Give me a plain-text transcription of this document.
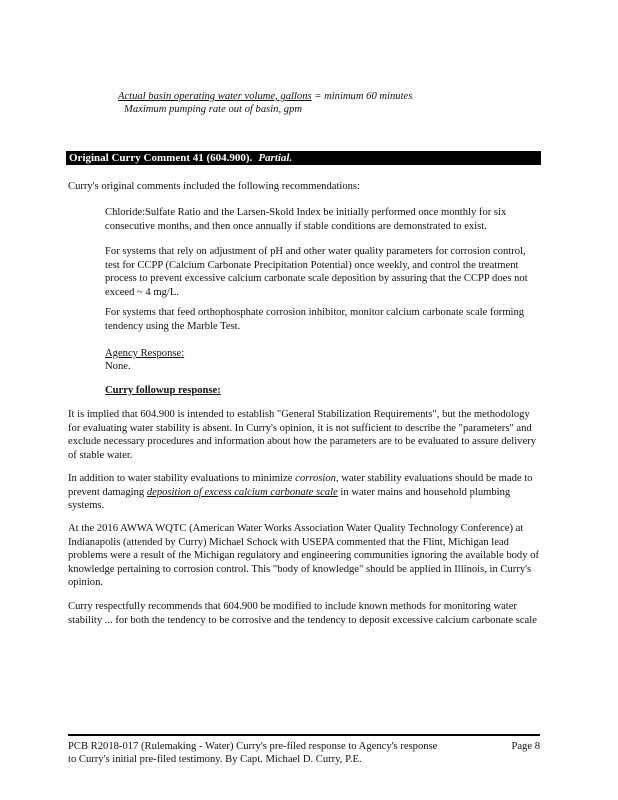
Actual basin operating water volume, gallons = minimum 60 minutes
Maximum pumping rate out of basin, gpm
Original Curry Comment 41 (604.900). Partial.
Curry's original comments included the following recommendations:
Chloride:Sulfate Ratio and the Larsen-Skold Index be initially performed once monthly for six consecutive months, and then once annually if stable conditions are demonstrated to exist.
For systems that rely on adjustment of pH and other water quality parameters for corrosion control, test for CCPP (Calcium Carbonate Precipitation Potential) once weekly, and control the treatment process to prevent excessive calcium carbonate scale deposition by assuring that the CCPP does not exceed ~ 4 mg/L.
For systems that feed orthophosphate corrosion inhibitor, monitor calcium carbonate scale forming tendency using the Marble Test.
Agency Response:
None.
Curry followup response:
It is implied that 604.900 is intended to establish "General Stabilization Requirements", but the methodology for evaluating water stability is absent. In Curry's opinion, it is not sufficient to describe the "parameters" and exclude necessary procedures and information about how the parameters are to be evaluated to assure delivery of stable water.
In addition to water stability evaluations to minimize corrosion, water stability evaluations should be made to prevent damaging deposition of excess calcium carbonate scale in water mains and household plumbing systems.
At the 2016 AWWA WQTC (American Water Works Association Water Quality Technology Conference) at Indianapolis (attended by Curry) Michael Schock with USEPA commented that the Flint, Michigan lead problems were a result of the Michigan regulatory and engineering communities ignoring the available body of knowledge pertaining to corrosion control. This "body of knowledge" should be applied in Illinois, in Curry's opinion.
Curry respectfully recommends that 604.900 be modified to include known methods for monitoring water stability ... for both the tendency to be corrosive and the tendency to deposit excessive calcium carbonate scale
PCB R2018-017 (Rulemaking - Water) Curry's pre-filed response to Agency's response
to Curry's initial pre-filed testimony. By Capt. Michael D. Curry, P.E.
Page 8
